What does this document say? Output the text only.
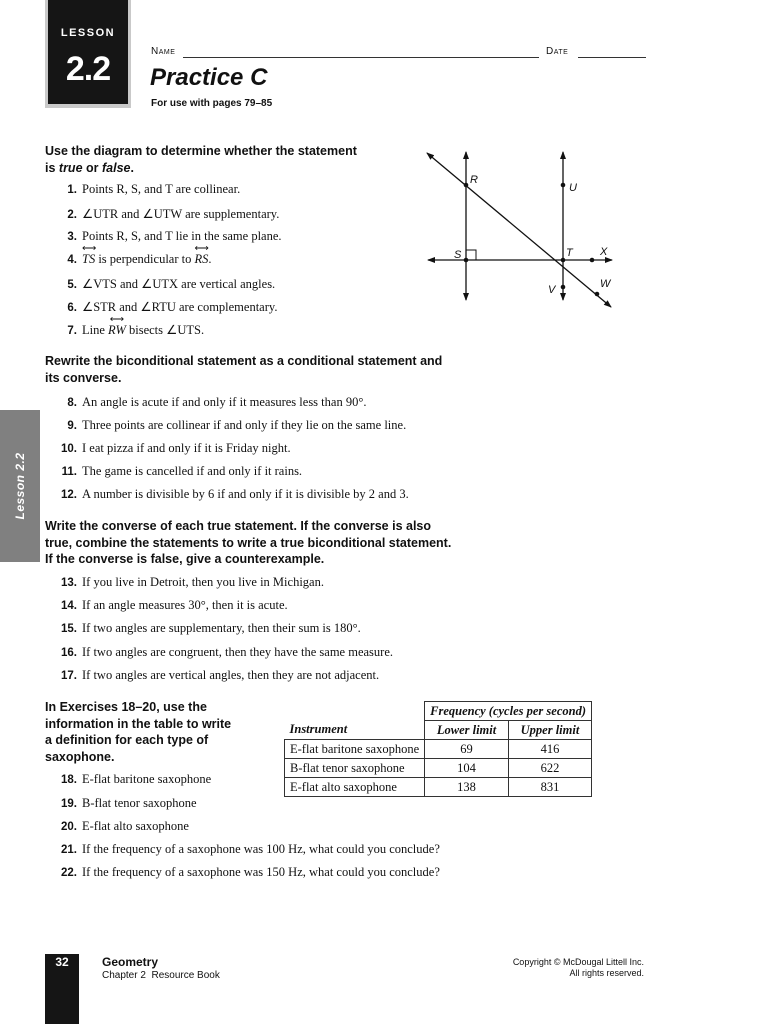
LESSON
2.2	Name	Date
Practice C
For use with pages 79–85
Lesson 2.2
Use the diagram to determine whether the statement
is true or false.
1. Points R, S, and T are collinear.
2. ∠UTR and ∠UTW are supplementary.
3. Points R, S, and T lie in the same plane.
4.
⟷
TS is perpendicular to
⟷
RS.
5. ∠VTS and ∠UTX are vertical angles.
6. ∠STR and ∠RTU are complementary.
7. Line
⟷
RW bisects ∠UTS.
R
U
S	T X
V	W
Rewrite the biconditional statement as a conditional statement and
its converse.
8. An angle is acute if and only if it measures less than 90°.
9. Three points are collinear if and only if they lie on the same line.
10. I eat pizza if and only if it is Friday night.
11. The game is cancelled if and only if it rains.
12. A number is divisible by 6 if and only if it is divisible by 2 and 3.
Write the converse of each true statement. If the converse is also
true, combine the statements to write a true biconditional statement.
If the converse is false, give a counterexample.
13. If you live in Detroit, then you live in Michigan.
14. If an angle measures 30°, then it is acute.
15. If two angles are supplementary, then their sum is 180°.
16. If two angles are congruent, then they have the same measure.
17. If two angles are vertical angles, then they are not adjacent.
In Exercises 18–20, use the
information in the table to write
a definition for each type of
saxophone.
	Frequency (cycles per second)	
Instrument	Lower limit	Upper limit
E-flat baritone saxophone	69	416
B-flat tenor saxophone	104	622
E-flat alto saxophone	138	831
18. E-flat baritone saxophone
19. B-flat tenor saxophone
20. E-flat alto saxophone
21. If the frequency of a saxophone was 100 Hz, what could you conclude?
22. If the frequency of a saxophone was 150 Hz, what could you conclude?
32	Geometry
Chapter 2  Resource Book
Copyright © McDougal Littell Inc.
All rights reserved.
